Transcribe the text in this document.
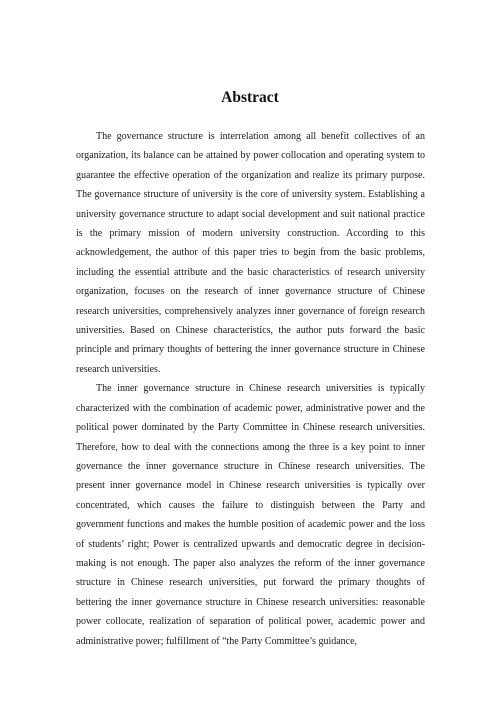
Abstract

The governance structure is interrelation among all benefit collectives of an organization, its balance can be attained by power collocation and operating system to guarantee the effective operation of the organization and realize its primary purpose. The governance structure of university is the core of university system. Establishing a university governance structure to adapt social development and suit national practice is the primary mission of modern university construction. According to this acknowledgement, the author of this paper tries to begin from the basic problems, including the essential attribute and the basic characteristics of research university organization, focuses on the research of inner governance structure of Chinese research universities, comprehensively analyzes inner governance of foreign research universities. Based on Chinese characteristics, the author puts forward the basic principle and primary thoughts of bettering the inner governance structure in Chinese research universities.

The inner governance structure in Chinese research universities is typically characterized with the combination of academic power, administrative power and the political power dominated by the Party Committee in Chinese research universities. Therefore, how to deal with the connections among the three is a key point to inner governance the inner governance structure in Chinese research universities. The present inner governance model in Chinese research universities is typically over concentrated, which causes the failure to distinguish between the Party and government functions and makes the humble position of academic power and the loss of students’ right; Power is centralized upwards and democratic degree in decision-making is not enough. The paper also analyzes the reform of the inner governance structure in Chinese research universities, put forward the primary thoughts of bettering the inner governance structure in Chinese research universities: reasonable power collocate, realization of separation of political power, academic power and administrative power; fulfillment of “the Party Committee’s guidance,
